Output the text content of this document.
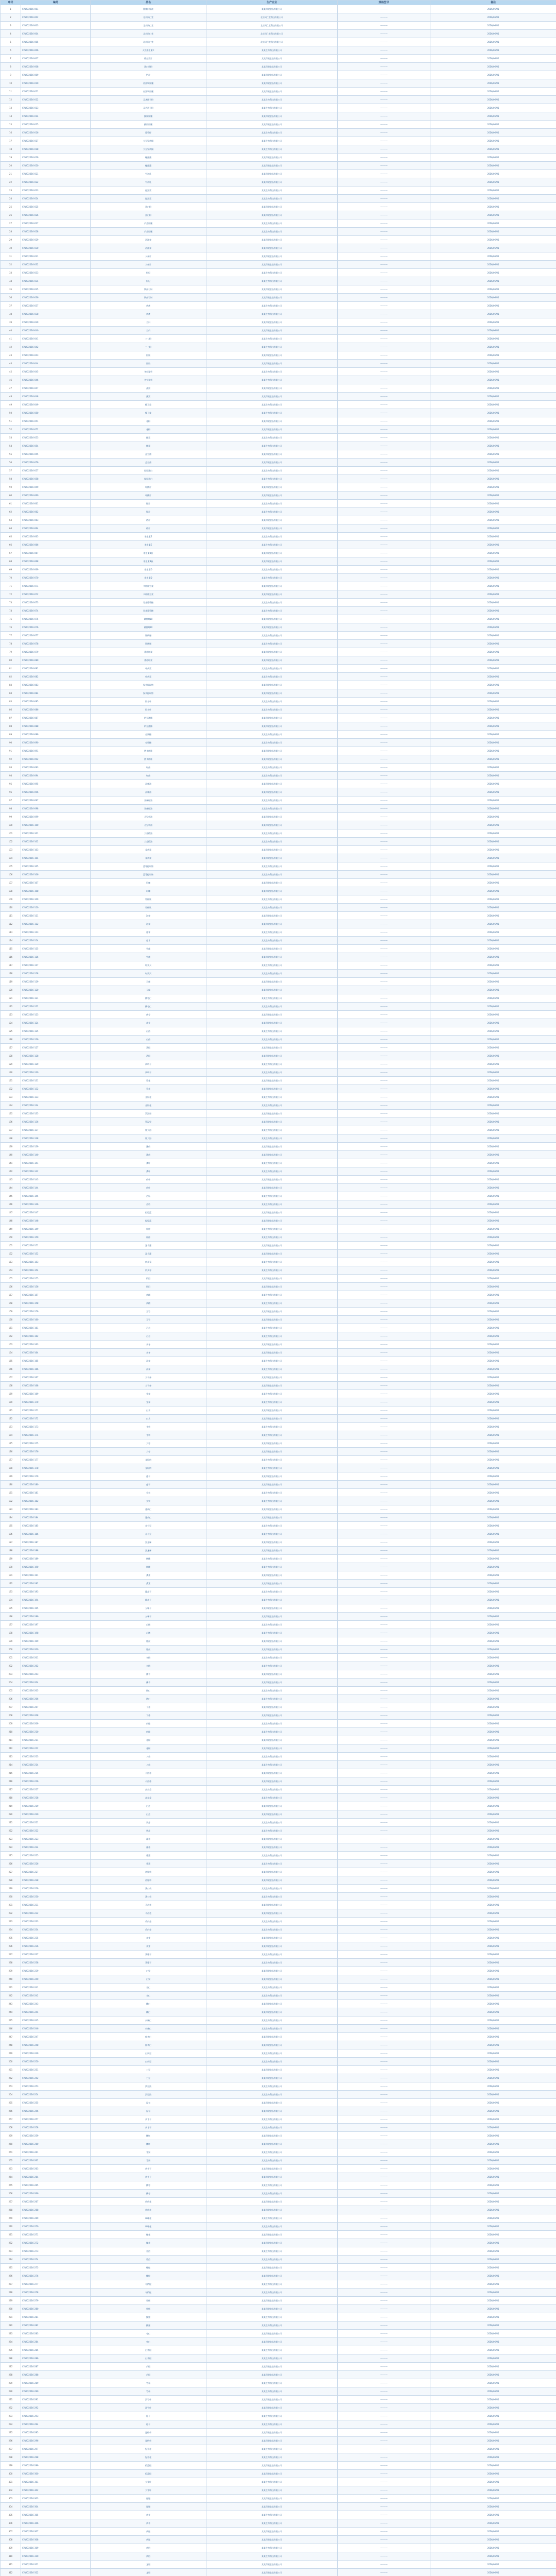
序号	编号	品名	生产企业	规格型号	备注
1	CYWQ2016-001	健康口服液	某某保健食品有限公司	----------	2016/06/01
2	CYWQ2016-002	北京同仁堂	北京同仁堂科技有限公司	----------	2016/06/01
3	CYWQ2016-003	北京同仁堂	北京同仁堂科技有限公司	----------	2016/06/01
4	CYWQ2016-004	北京同仁堂	北京同仁堂科技有限公司	----------	2016/06/01
5	CYWQ2016-005	北京同仁堂	北京同仁堂科技有限公司	----------	2016/06/01
6	CYWQ2016-006	天然维生素C	某某生物科技有限公司	----------	2016/06/01
7	CYWQ2016-007	维生素片	某某保健食品有限公司	----------	2016/06/01
8	CYWQ2016-008	蛋白质粉	某某保健食品有限公司	----------	2016/06/01
9	CYWQ2016-009	钙片	某某保健食品有限公司	----------	2016/06/01
10	CYWQ2016-010	鱼油软胶囊	某某保健食品有限公司	----------	2016/06/01
11	CYWQ2016-011	鱼油软胶囊	某某保健食品有限公司	----------	2016/06/01
12	CYWQ2016-012	灵芝孢子粉	某某生物科技有限公司	----------	2016/06/01
13	CYWQ2016-013	灵芝孢子粉	某某生物科技有限公司	----------	2016/06/01
14	CYWQ2016-014	蜂胶胶囊	某某保健食品有限公司	----------	2016/06/01
15	CYWQ2016-015	蜂胶胶囊	某某保健食品有限公司	----------	2016/06/01
16	CYWQ2016-016	葡萄籽	某某生物科技有限公司	----------	2016/06/01
17	CYWQ2016-017	大豆异黄酮	某某生物科技有限公司	----------	2016/06/01
18	CYWQ2016-018	大豆异黄酮	某某生物科技有限公司	----------	2016/06/01
19	CYWQ2016-019	螺旋藻	某某保健食品有限公司	----------	2016/06/01
20	CYWQ2016-020	螺旋藻	某某保健食品有限公司	----------	2016/06/01
21	CYWQ2016-021	牛初乳	某某保健食品有限公司	----------	2016/06/01
22	CYWQ2016-022	牛初乳	某某保健食品有限公司	----------	2016/06/01
23	CYWQ2016-023	褪黑素	某某生物科技有限公司	----------	2016/06/01
24	CYWQ2016-024	褪黑素	某某生物科技有限公司	----------	2016/06/01
25	CYWQ2016-025	蛋白粉	某某保健食品有限公司	----------	2016/06/01
26	CYWQ2016-026	蛋白粉	某某保健食品有限公司	----------	2016/06/01
27	CYWQ2016-027	芦荟胶囊	某某生物科技有限公司	----------	2016/06/01
28	CYWQ2016-028	芦荟胶囊	某某生物科技有限公司	----------	2016/06/01
29	CYWQ2016-029	西洋参	某某保健食品有限公司	----------	2016/06/01
30	CYWQ2016-030	西洋参	某某保健食品有限公司	----------	2016/06/01
31	CYWQ2016-031	人参片	某某保健食品有限公司	----------	2016/06/01
32	CYWQ2016-032	人参片	某某保健食品有限公司	----------	2016/06/01
33	CYWQ2016-033	枸杞	某某生物科技有限公司	----------	2016/06/01
34	CYWQ2016-034	枸杞	某某生物科技有限公司	----------	2016/06/01
35	CYWQ2016-035	铁皮石斛	某某保健食品有限公司	----------	2016/06/01
36	CYWQ2016-036	铁皮石斛	某某保健食品有限公司	----------	2016/06/01
37	CYWQ2016-037	黄芪	某某生物科技有限公司	----------	2016/06/01
38	CYWQ2016-038	黄芪	某某生物科技有限公司	----------	2016/06/01
39	CYWQ2016-039	当归	某某保健食品有限公司	----------	2016/06/01
40	CYWQ2016-040	当归	某某保健食品有限公司	----------	2016/06/01
41	CYWQ2016-041	三七粉	某某生物科技有限公司	----------	2016/06/01
42	CYWQ2016-042	三七粉	某某生物科技有限公司	----------	2016/06/01
43	CYWQ2016-043	阿胶	某某保健食品有限公司	----------	2016/06/01
44	CYWQ2016-044	阿胶	某某保健食品有限公司	----------	2016/06/01
45	CYWQ2016-045	冬虫夏草	某某生物科技有限公司	----------	2016/06/01
46	CYWQ2016-046	冬虫夏草	某某生物科技有限公司	----------	2016/06/01
47	CYWQ2016-047	燕窝	某某保健食品有限公司	----------	2016/06/01
48	CYWQ2016-048	燕窝	某某保健食品有限公司	----------	2016/06/01
49	CYWQ2016-049	蜂王浆	某某生物科技有限公司	----------	2016/06/01
50	CYWQ2016-050	蜂王浆	某某生物科技有限公司	----------	2016/06/01
51	CYWQ2016-051	花粉	某某保健食品有限公司	----------	2016/06/01
52	CYWQ2016-052	花粉	某某保健食品有限公司	----------	2016/06/01
53	CYWQ2016-053	酵素	某某生物科技有限公司	----------	2016/06/01
54	CYWQ2016-054	酵素	某某生物科技有限公司	----------	2016/06/01
55	CYWQ2016-055	益生菌	某某保健食品有限公司	----------	2016/06/01
56	CYWQ2016-056	益生菌	某某保健食品有限公司	----------	2016/06/01
57	CYWQ2016-057	胶原蛋白	某某生物科技有限公司	----------	2016/06/01
58	CYWQ2016-058	胶原蛋白	某某生物科技有限公司	----------	2016/06/01
59	CYWQ2016-059	叶酸片	某某保健食品有限公司	----------	2016/06/01
60	CYWQ2016-060	叶酸片	某某保健食品有限公司	----------	2016/06/01
61	CYWQ2016-061	锌片	某某生物科技有限公司	----------	2016/06/01
62	CYWQ2016-062	锌片	某某生物科技有限公司	----------	2016/06/01
63	CYWQ2016-063	硒片	某某保健食品有限公司	----------	2016/06/01
64	CYWQ2016-064	硒片	某某保健食品有限公司	----------	2016/06/01
65	CYWQ2016-065	维生素E	某某生物科技有限公司	----------	2016/06/01
66	CYWQ2016-066	维生素E	某某生物科技有限公司	----------	2016/06/01
67	CYWQ2016-067	维生素B族	某某保健食品有限公司	----------	2016/06/01
68	CYWQ2016-068	维生素B族	某某保健食品有限公司	----------	2016/06/01
69	CYWQ2016-069	维生素D	某某生物科技有限公司	----------	2016/06/01
70	CYWQ2016-070	维生素D	某某生物科技有限公司	----------	2016/06/01
71	CYWQ2016-071	多种维生素	某某保健食品有限公司	----------	2016/06/01
72	CYWQ2016-072	多种维生素	某某保健食品有限公司	----------	2016/06/01
73	CYWQ2016-073	氨基葡萄糖	某某生物科技有限公司	----------	2016/06/01
74	CYWQ2016-074	氨基葡萄糖	某某生物科技有限公司	----------	2016/06/01
75	CYWQ2016-075	辅酶Q10	某某保健食品有限公司	----------	2016/06/01
76	CYWQ2016-076	辅酶Q10	某某保健食品有限公司	----------	2016/06/01
77	CYWQ2016-077	卵磷脂	某某生物科技有限公司	----------	2016/06/01
78	CYWQ2016-078	卵磷脂	某某生物科技有限公司	----------	2016/06/01
79	CYWQ2016-079	番茄红素	某某保健食品有限公司	----------	2016/06/01
80	CYWQ2016-080	番茄红素	某某保健食品有限公司	----------	2016/06/01
81	CYWQ2016-081	叶黄素	某某生物科技有限公司	----------	2016/06/01
82	CYWQ2016-082	叶黄素	某某生物科技有限公司	----------	2016/06/01
83	CYWQ2016-083	绿茶提取物	某某保健食品有限公司	----------	2016/06/01
84	CYWQ2016-084	绿茶提取物	某某保健食品有限公司	----------	2016/06/01
85	CYWQ2016-085	银杏叶	某某生物科技有限公司	----------	2016/06/01
86	CYWQ2016-086	银杏叶	某某生物科技有限公司	----------	2016/06/01
87	CYWQ2016-087	纳豆激酶	某某保健食品有限公司	----------	2016/06/01
88	CYWQ2016-088	纳豆激酶	某某保健食品有限公司	----------	2016/06/01
89	CYWQ2016-089	壳聚糖	某某生物科技有限公司	----------	2016/06/01
90	CYWQ2016-090	壳聚糖	某某生物科技有限公司	----------	2016/06/01
91	CYWQ2016-091	膳食纤维	某某保健食品有限公司	----------	2016/06/01
92	CYWQ2016-092	膳食纤维	某某保健食品有限公司	----------	2016/06/01
93	CYWQ2016-093	红曲	某某生物科技有限公司	----------	2016/06/01
94	CYWQ2016-094	红曲	某某生物科技有限公司	----------	2016/06/01
95	CYWQ2016-095	沙棘油	某某保健食品有限公司	----------	2016/06/01
96	CYWQ2016-096	沙棘油	某某保健食品有限公司	----------	2016/06/01
97	CYWQ2016-097	亚麻籽油	某某生物科技有限公司	----------	2016/06/01
98	CYWQ2016-098	亚麻籽油	某某生物科技有限公司	----------	2016/06/01
99	CYWQ2016-099	月见草油	某某保健食品有限公司	----------	2016/06/01
100	CYWQ2016-100	月见草油	某某保健食品有限公司	----------	2016/06/01
101	CYWQ2016-101	大蒜精油	某某生物科技有限公司	----------	2016/06/01
102	CYWQ2016-102	大蒜精油	某某生物科技有限公司	----------	2016/06/01
103	CYWQ2016-103	姜黄素	某某保健食品有限公司	----------	2016/06/01
104	CYWQ2016-104	姜黄素	某某保健食品有限公司	----------	2016/06/01
105	CYWQ2016-105	蓝莓提取物	某某生物科技有限公司	----------	2016/06/01
106	CYWQ2016-106	蓝莓提取物	某某生物科技有限公司	----------	2016/06/01
107	CYWQ2016-107	玛咖	某某保健食品有限公司	----------	2016/06/01
108	CYWQ2016-108	玛咖	某某保健食品有限公司	----------	2016/06/01
109	CYWQ2016-109	牡蛎肽	某某生物科技有限公司	----------	2016/06/01
110	CYWQ2016-110	牡蛎肽	某某生物科技有限公司	----------	2016/06/01
111	CYWQ2016-111	海参	某某保健食品有限公司	----------	2016/06/01
112	CYWQ2016-112	海参	某某保健食品有限公司	----------	2016/06/01
113	CYWQ2016-113	鹿茸	某某生物科技有限公司	----------	2016/06/01
114	CYWQ2016-114	鹿茸	某某生物科技有限公司	----------	2016/06/01
115	CYWQ2016-115	雪莲	某某保健食品有限公司	----------	2016/06/01
116	CYWQ2016-116	雪莲	某某保健食品有限公司	----------	2016/06/01
117	CYWQ2016-117	红景天	某某生物科技有限公司	----------	2016/06/01
118	CYWQ2016-118	红景天	某某生物科技有限公司	----------	2016/06/01
119	CYWQ2016-119	天麻	某某保健食品有限公司	----------	2016/06/01
120	CYWQ2016-120	天麻	某某保健食品有限公司	----------	2016/06/01
121	CYWQ2016-121	酸枣仁	某某生物科技有限公司	----------	2016/06/01
122	CYWQ2016-122	酸枣仁	某某生物科技有限公司	----------	2016/06/01
123	CYWQ2016-123	茯苓	某某保健食品有限公司	----------	2016/06/01
124	CYWQ2016-124	茯苓	某某保健食品有限公司	----------	2016/06/01
125	CYWQ2016-125	山药	某某生物科技有限公司	----------	2016/06/01
126	CYWQ2016-126	山药	某某生物科技有限公司	----------	2016/06/01
127	CYWQ2016-127	葛根	某某保健食品有限公司	----------	2016/06/01
128	CYWQ2016-128	葛根	某某保健食品有限公司	----------	2016/06/01
129	CYWQ2016-129	决明子	某某生物科技有限公司	----------	2016/06/01
130	CYWQ2016-130	决明子	某某生物科技有限公司	----------	2016/06/01
131	CYWQ2016-131	菊花	某某保健食品有限公司	----------	2016/06/01
132	CYWQ2016-132	菊花	某某保健食品有限公司	----------	2016/06/01
133	CYWQ2016-133	金银花	某某生物科技有限公司	----------	2016/06/01
134	CYWQ2016-134	金银花	某某生物科技有限公司	----------	2016/06/01
135	CYWQ2016-135	罗汉果	某某保健食品有限公司	----------	2016/06/01
136	CYWQ2016-136	罗汉果	某某保健食品有限公司	----------	2016/06/01
137	CYWQ2016-137	胖大海	某某生物科技有限公司	----------	2016/06/01
138	CYWQ2016-138	胖大海	某某生物科技有限公司	----------	2016/06/01
139	CYWQ2016-139	薄荷	某某保健食品有限公司	----------	2016/06/01
140	CYWQ2016-140	薄荷	某某保健食品有限公司	----------	2016/06/01
141	CYWQ2016-141	桑叶	某某生物科技有限公司	----------	2016/06/01
142	CYWQ2016-142	桑叶	某某生物科技有限公司	----------	2016/06/01
143	CYWQ2016-143	荷叶	某某保健食品有限公司	----------	2016/06/01
144	CYWQ2016-144	荷叶	某某保健食品有限公司	----------	2016/06/01
145	CYWQ2016-145	苦瓜	某某生物科技有限公司	----------	2016/06/01
146	CYWQ2016-146	苦瓜	某某生物科技有限公司	----------	2016/06/01
147	CYWQ2016-147	绞股蓝	某某保健食品有限公司	----------	2016/06/01
148	CYWQ2016-148	绞股蓝	某某保健食品有限公司	----------	2016/06/01
149	CYWQ2016-149	杜仲	某某生物科技有限公司	----------	2016/06/01
150	CYWQ2016-150	杜仲	某某生物科技有限公司	----------	2016/06/01
151	CYWQ2016-151	淫羊藿	某某保健食品有限公司	----------	2016/06/01
152	CYWQ2016-152	淫羊藿	某某保健食品有限公司	----------	2016/06/01
153	CYWQ2016-153	肉苁蓉	某某生物科技有限公司	----------	2016/06/01
154	CYWQ2016-154	肉苁蓉	某某生物科技有限公司	----------	2016/06/01
155	CYWQ2016-155	锁阳	某某保健食品有限公司	----------	2016/06/01
156	CYWQ2016-156	锁阳	某某保健食品有限公司	----------	2016/06/01
157	CYWQ2016-157	黄精	某某生物科技有限公司	----------	2016/06/01
158	CYWQ2016-158	黄精	某某生物科技有限公司	----------	2016/06/01
159	CYWQ2016-159	玉竹	某某保健食品有限公司	----------	2016/06/01
160	CYWQ2016-160	玉竹	某某保健食品有限公司	----------	2016/06/01
161	CYWQ2016-161	百合	某某生物科技有限公司	----------	2016/06/01
162	CYWQ2016-162	百合	某某生物科技有限公司	----------	2016/06/01
163	CYWQ2016-163	麦冬	某某保健食品有限公司	----------	2016/06/01
164	CYWQ2016-164	麦冬	某某保健食品有限公司	----------	2016/06/01
165	CYWQ2016-165	沙参	某某生物科技有限公司	----------	2016/06/01
166	CYWQ2016-166	沙参	某某生物科技有限公司	----------	2016/06/01
167	CYWQ2016-167	太子参	某某保健食品有限公司	----------	2016/06/01
168	CYWQ2016-168	太子参	某某保健食品有限公司	----------	2016/06/01
169	CYWQ2016-169	党参	某某生物科技有限公司	----------	2016/06/01
170	CYWQ2016-170	党参	某某生物科技有限公司	----------	2016/06/01
171	CYWQ2016-171	白术	某某保健食品有限公司	----------	2016/06/01
172	CYWQ2016-172	白术	某某保健食品有限公司	----------	2016/06/01
173	CYWQ2016-173	甘草	某某生物科技有限公司	----------	2016/06/01
174	CYWQ2016-174	甘草	某某生物科技有限公司	----------	2016/06/01
175	CYWQ2016-175	大枣	某某保健食品有限公司	----------	2016/06/01
176	CYWQ2016-176	大枣	某某保健食品有限公司	----------	2016/06/01
177	CYWQ2016-177	龙眼肉	某某生物科技有限公司	----------	2016/06/01
178	CYWQ2016-178	龙眼肉	某某生物科技有限公司	----------	2016/06/01
179	CYWQ2016-179	莲子	某某保健食品有限公司	----------	2016/06/01
180	CYWQ2016-180	莲子	某某保健食品有限公司	----------	2016/06/01
181	CYWQ2016-181	芡实	某某生物科技有限公司	----------	2016/06/01
182	CYWQ2016-182	芡实	某某生物科技有限公司	----------	2016/06/01
183	CYWQ2016-183	薏苡仁	某某保健食品有限公司	----------	2016/06/01
184	CYWQ2016-184	薏苡仁	某某保健食品有限公司	----------	2016/06/01
185	CYWQ2016-185	赤小豆	某某生物科技有限公司	----------	2016/06/01
186	CYWQ2016-186	赤小豆	某某生物科技有限公司	----------	2016/06/01
187	CYWQ2016-187	黑芝麻	某某保健食品有限公司	----------	2016/06/01
188	CYWQ2016-188	黑芝麻	某某保健食品有限公司	----------	2016/06/01
189	CYWQ2016-189	核桃	某某生物科技有限公司	----------	2016/06/01
190	CYWQ2016-190	核桃	某某生物科技有限公司	----------	2016/06/01
191	CYWQ2016-191	桑葚	某某保健食品有限公司	----------	2016/06/01
192	CYWQ2016-192	桑葚	某某保健食品有限公司	----------	2016/06/01
193	CYWQ2016-193	覆盆子	某某生物科技有限公司	----------	2016/06/01
194	CYWQ2016-194	覆盆子	某某生物科技有限公司	----------	2016/06/01
195	CYWQ2016-195	五味子	某某保健食品有限公司	----------	2016/06/01
196	CYWQ2016-196	五味子	某某保健食品有限公司	----------	2016/06/01
197	CYWQ2016-197	山楂	某某生物科技有限公司	----------	2016/06/01
198	CYWQ2016-198	山楂	某某生物科技有限公司	----------	2016/06/01
199	CYWQ2016-199	陈皮	某某保健食品有限公司	----------	2016/06/01
200	CYWQ2016-200	陈皮	某某保健食品有限公司	----------	2016/06/01
201	CYWQ2016-201	乌梅	某某生物科技有限公司	----------	2016/06/01
202	CYWQ2016-202	乌梅	某某生物科技有限公司	----------	2016/06/01
203	CYWQ2016-203	佛手	某某保健食品有限公司	----------	2016/06/01
204	CYWQ2016-204	佛手	某某保健食品有限公司	----------	2016/06/01
205	CYWQ2016-205	砂仁	某某生物科技有限公司	----------	2016/06/01
206	CYWQ2016-206	砂仁	某某生物科技有限公司	----------	2016/06/01
207	CYWQ2016-207	丁香	某某保健食品有限公司	----------	2016/06/01
208	CYWQ2016-208	丁香	某某保健食品有限公司	----------	2016/06/01
209	CYWQ2016-209	肉桂	某某生物科技有限公司	----------	2016/06/01
210	CYWQ2016-210	肉桂	某某生物科技有限公司	----------	2016/06/01
211	CYWQ2016-211	花椒	某某保健食品有限公司	----------	2016/06/01
212	CYWQ2016-212	花椒	某某保健食品有限公司	----------	2016/06/01
213	CYWQ2016-213	八角	某某生物科技有限公司	----------	2016/06/01
214	CYWQ2016-214	八角	某某生物科技有限公司	----------	2016/06/01
215	CYWQ2016-215	小茴香	某某保健食品有限公司	----------	2016/06/01
216	CYWQ2016-216	小茴香	某某保健食品有限公司	----------	2016/06/01
217	CYWQ2016-217	高良姜	某某生物科技有限公司	----------	2016/06/01
218	CYWQ2016-218	高良姜	某某生物科技有限公司	----------	2016/06/01
219	CYWQ2016-219	白芷	某某保健食品有限公司	----------	2016/06/01
220	CYWQ2016-220	白芷	某某保健食品有限公司	----------	2016/06/01
221	CYWQ2016-221	紫苏	某某生物科技有限公司	----------	2016/06/01
222	CYWQ2016-222	紫苏	某某生物科技有限公司	----------	2016/06/01
223	CYWQ2016-223	藿香	某某保健食品有限公司	----------	2016/06/01
224	CYWQ2016-224	藿香	某某保健食品有限公司	----------	2016/06/01
225	CYWQ2016-225	香薷	某某生物科技有限公司	----------	2016/06/01
226	CYWQ2016-226	香薷	某某生物科技有限公司	----------	2016/06/01
227	CYWQ2016-227	鱼腥草	某某保健食品有限公司	----------	2016/06/01
228	CYWQ2016-228	鱼腥草	某某保健食品有限公司	----------	2016/06/01
229	CYWQ2016-229	蒲公英	某某生物科技有限公司	----------	2016/06/01
230	CYWQ2016-230	蒲公英	某某生物科技有限公司	----------	2016/06/01
231	CYWQ2016-231	马齿苋	某某保健食品有限公司	----------	2016/06/01
232	CYWQ2016-232	马齿苋	某某保健食品有限公司	----------	2016/06/01
233	CYWQ2016-233	鸡内金	某某生物科技有限公司	----------	2016/06/01
234	CYWQ2016-234	鸡内金	某某生物科技有限公司	----------	2016/06/01
235	CYWQ2016-235	麦芽	某某保健食品有限公司	----------	2016/06/01
236	CYWQ2016-236	麦芽	某某保健食品有限公司	----------	2016/06/01
237	CYWQ2016-237	莱菔子	某某生物科技有限公司	----------	2016/06/01
238	CYWQ2016-238	莱菔子	某某生物科技有限公司	----------	2016/06/01
239	CYWQ2016-239	白果	某某保健食品有限公司	----------	2016/06/01
240	CYWQ2016-240	白果	某某保健食品有限公司	----------	2016/06/01
241	CYWQ2016-241	杏仁	某某生物科技有限公司	----------	2016/06/01
242	CYWQ2016-242	杏仁	某某生物科技有限公司	----------	2016/06/01
243	CYWQ2016-243	桃仁	某某保健食品有限公司	----------	2016/06/01
244	CYWQ2016-244	桃仁	某某保健食品有限公司	----------	2016/06/01
245	CYWQ2016-245	火麻仁	某某生物科技有限公司	----------	2016/06/01
246	CYWQ2016-246	火麻仁	某某生物科技有限公司	----------	2016/06/01
247	CYWQ2016-247	郁李仁	某某保健食品有限公司	----------	2016/06/01
248	CYWQ2016-248	郁李仁	某某保健食品有限公司	----------	2016/06/01
249	CYWQ2016-249	白扁豆	某某生物科技有限公司	----------	2016/06/01
250	CYWQ2016-250	白扁豆	某某生物科技有限公司	----------	2016/06/01
251	CYWQ2016-251	刀豆	某某保健食品有限公司	----------	2016/06/01
252	CYWQ2016-252	刀豆	某某保健食品有限公司	----------	2016/06/01
253	CYWQ2016-253	淡豆豉	某某生物科技有限公司	----------	2016/06/01
254	CYWQ2016-254	淡豆豉	某某生物科技有限公司	----------	2016/06/01
255	CYWQ2016-255	昆布	某某保健食品有限公司	----------	2016/06/01
256	CYWQ2016-256	昆布	某某保健食品有限公司	----------	2016/06/01
257	CYWQ2016-257	余甘子	某某生物科技有限公司	----------	2016/06/01
258	CYWQ2016-258	余甘子	某某生物科技有限公司	----------	2016/06/01
259	CYWQ2016-259	橘红	某某保健食品有限公司	----------	2016/06/01
260	CYWQ2016-260	橘红	某某保健食品有限公司	----------	2016/06/01
261	CYWQ2016-261	青果	某某生物科技有限公司	----------	2016/06/01
262	CYWQ2016-262	青果	某某生物科技有限公司	----------	2016/06/01
263	CYWQ2016-263	黄芥子	某某保健食品有限公司	----------	2016/06/01
264	CYWQ2016-264	黄芥子	某某保健食品有限公司	----------	2016/06/01
265	CYWQ2016-265	酸枣	某某生物科技有限公司	----------	2016/06/01
266	CYWQ2016-266	酸枣	某某生物科技有限公司	----------	2016/06/01
267	CYWQ2016-267	代代花	某某保健食品有限公司	----------	2016/06/01
268	CYWQ2016-268	代代花	某某保健食品有限公司	----------	2016/06/01
269	CYWQ2016-269	玫瑰花	某某生物科技有限公司	----------	2016/06/01
270	CYWQ2016-270	玫瑰花	某某生物科技有限公司	----------	2016/06/01
271	CYWQ2016-271	槐花	某某保健食品有限公司	----------	2016/06/01
272	CYWQ2016-272	槐花	某某保健食品有限公司	----------	2016/06/01
273	CYWQ2016-273	菊苣	某某生物科技有限公司	----------	2016/06/01
274	CYWQ2016-274	菊苣	某某生物科技有限公司	----------	2016/06/01
275	CYWQ2016-275	蝮蛇	某某保健食品有限公司	----------	2016/06/01
276	CYWQ2016-276	蝮蛇	某某保健食品有限公司	----------	2016/06/01
277	CYWQ2016-277	乌梢蛇	某某生物科技有限公司	----------	2016/06/01
278	CYWQ2016-278	乌梢蛇	某某生物科技有限公司	----------	2016/06/01
279	CYWQ2016-279	牡蛎	某某保健食品有限公司	----------	2016/06/01
280	CYWQ2016-280	牡蛎	某某保健食品有限公司	----------	2016/06/01
281	CYWQ2016-281	蜂蜜	某某生物科技有限公司	----------	2016/06/01
282	CYWQ2016-282	蜂蜜	某某生物科技有限公司	----------	2016/06/01
283	CYWQ2016-283	枣仁	某某保健食品有限公司	----------	2016/06/01
284	CYWQ2016-284	枣仁	某某保健食品有限公司	----------	2016/06/01
285	CYWQ2016-285	白茅根	某某生物科技有限公司	----------	2016/06/01
286	CYWQ2016-286	白茅根	某某生物科技有限公司	----------	2016/06/01
287	CYWQ2016-287	芦根	某某保健食品有限公司	----------	2016/06/01
288	CYWQ2016-288	芦根	某某保健食品有限公司	----------	2016/06/01
289	CYWQ2016-289	竹茹	某某生物科技有限公司	----------	2016/06/01
290	CYWQ2016-290	竹茹	某某生物科技有限公司	----------	2016/06/01
291	CYWQ2016-291	淡竹叶	某某保健食品有限公司	----------	2016/06/01
292	CYWQ2016-292	淡竹叶	某某保健食品有限公司	----------	2016/06/01
293	CYWQ2016-293	栀子	某某生物科技有限公司	----------	2016/06/01
294	CYWQ2016-294	栀子	某某生物科技有限公司	----------	2016/06/01
295	CYWQ2016-295	夏枯草	某某保健食品有限公司	----------	2016/06/01
296	CYWQ2016-296	夏枯草	某某保健食品有限公司	----------	2016/06/01
297	CYWQ2016-297	野菊花	某某生物科技有限公司	----------	2016/06/01
298	CYWQ2016-298	野菊花	某某生物科技有限公司	----------	2016/06/01
299	CYWQ2016-299	板蓝根	某某保健食品有限公司	----------	2016/06/01
300	CYWQ2016-300	板蓝根	某某保健食品有限公司	----------	2016/06/01
301	CYWQ2016-301	大青叶	某某生物科技有限公司	----------	2016/06/01
302	CYWQ2016-302	大青叶	某某生物科技有限公司	----------	2016/06/01
303	CYWQ2016-303	连翘	某某保健食品有限公司	----------	2016/06/01
304	CYWQ2016-304	连翘	某某保健食品有限公司	----------	2016/06/01
305	CYWQ2016-305	黄芩	某某生物科技有限公司	----------	2016/06/01
306	CYWQ2016-306	黄芩	某某生物科技有限公司	----------	2016/06/01
307	CYWQ2016-307	黄连	某某保健食品有限公司	----------	2016/06/01
308	CYWQ2016-308	黄连	某某保健食品有限公司	----------	2016/06/01
309	CYWQ2016-309	黄柏	某某生物科技有限公司	----------	2016/06/01
310	CYWQ2016-310	黄柏	某某生物科技有限公司	----------	2016/06/01
311	CYWQ2016-311	龙胆	某某保健食品有限公司	----------	2016/06/01
312	CYWQ2016-312	龙胆	某某保健食品有限公司	----------	2016/06/01
